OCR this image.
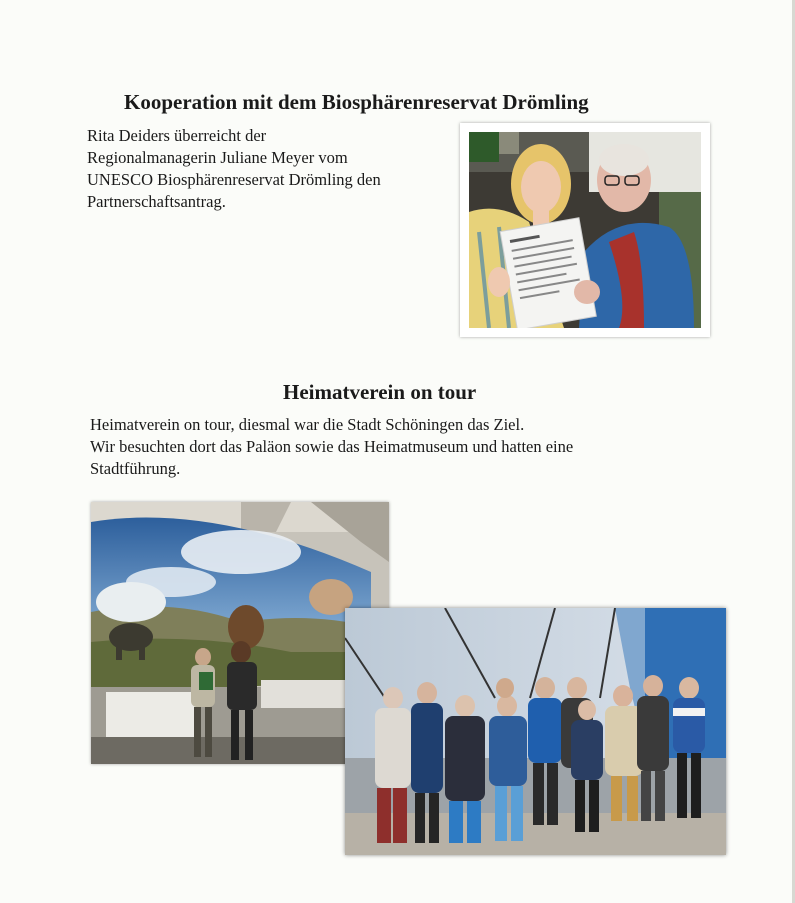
Kooperation mit dem Biosphärenreservat Drömling

Rita Deiders überreicht der
Regionalmanagerin Juliane Meyer vom
UNESCO Biosphärenreservat Drömling den
Partnerschaftsantrag.

Heimatverein on tour

Heimatverein on tour, diesmal war die Stadt Schöningen das Ziel.
Wir besuchten dort das Paläon sowie das Heimatmuseum und hatten eine
Stadtführung.
